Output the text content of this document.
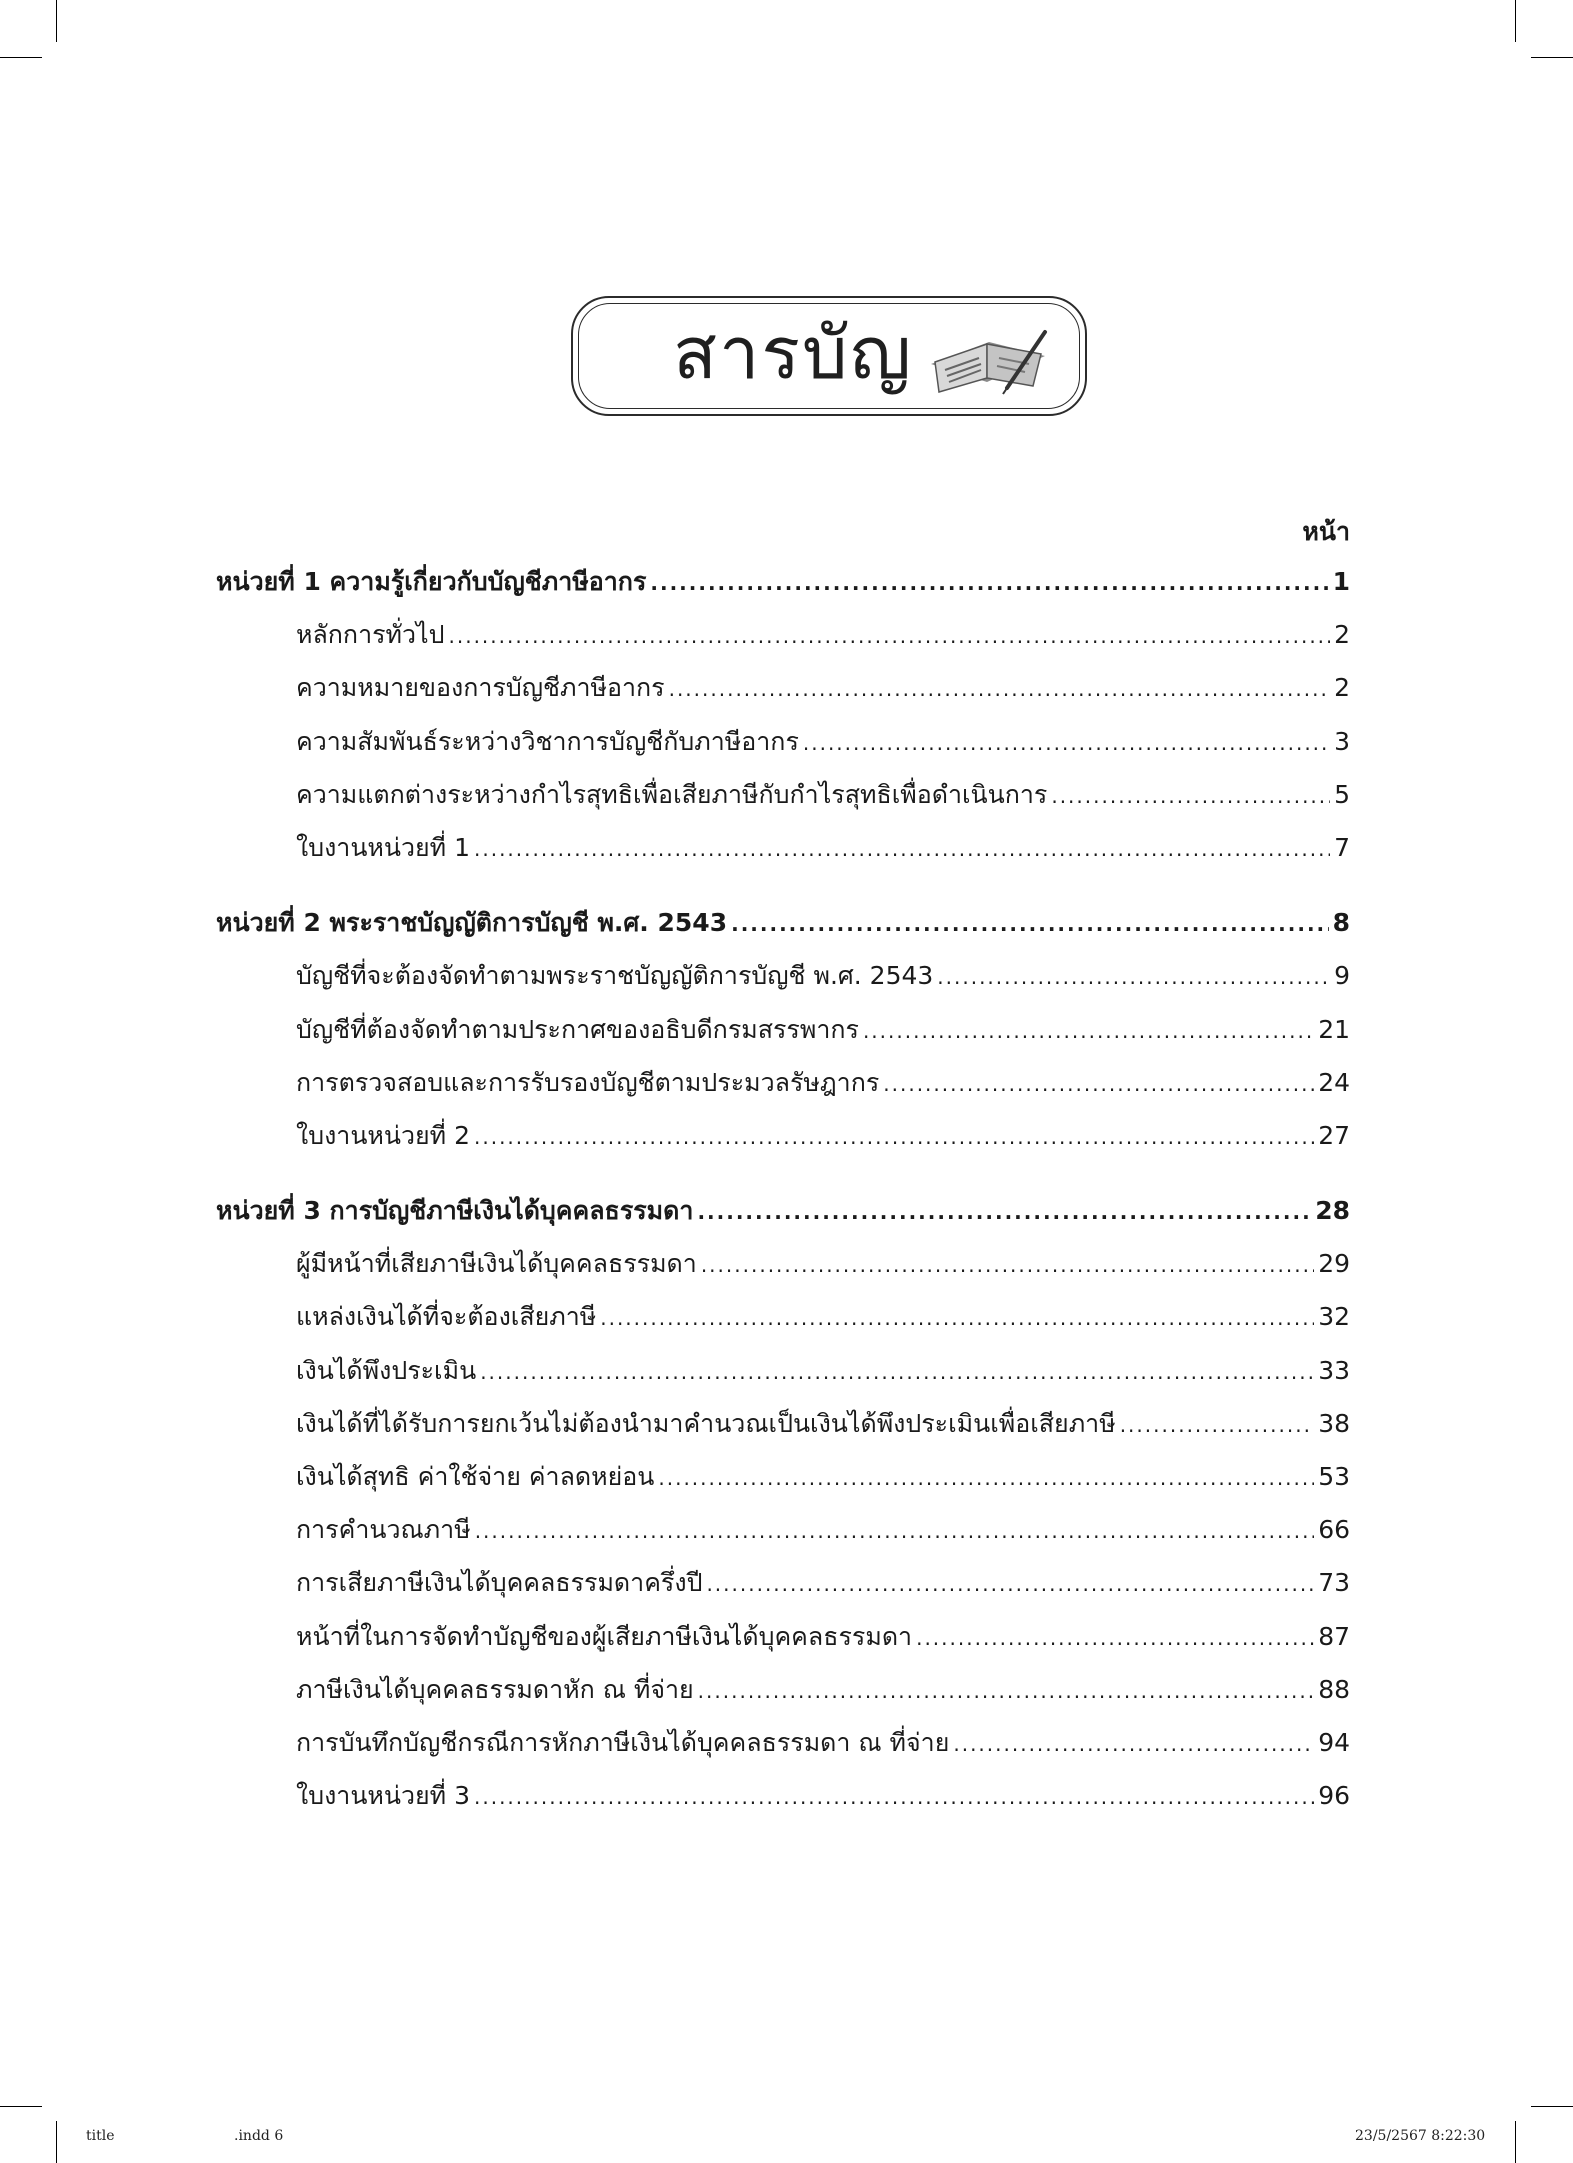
สารบัญ
หน้า
หน่วยที่ 1 ความรู้เกี่ยวกับบัญชีภาษีอากร .....	1
หลักการทั่วไป .....	2
ความหมายของการบัญชีภาษีอากร .....	2
ความสัมพันธ์ระหว่างวิชาการบัญชีกับภาษีอากร .....	3
ความแตกต่างระหว่างกำไรสุทธิเพื่อเสียภาษีกับกำไรสุทธิเพื่อดำเนินการ .....	5
ใบงานหน่วยที่ 1 .....	7
หน่วยที่ 2 พระราชบัญญัติการบัญชี พ.ศ. 2543 .....	8
บัญชีที่จะต้องจัดทำตามพระราชบัญญัติการบัญชี พ.ศ. 2543 .....	9
บัญชีที่ต้องจัดทำตามประกาศของอธิบดีกรมสรรพากร .....	21
การตรวจสอบและการรับรองบัญชีตามประมวลรัษฎากร .....	24
ใบงานหน่วยที่ 2 .....	27
หน่วยที่ 3 การบัญชีภาษีเงินได้บุคคลธรรมดา .....	28
ผู้มีหน้าที่เสียภาษีเงินได้บุคคลธรรมดา .....	29
แหล่งเงินได้ที่จะต้องเสียภาษี .....	32
เงินได้พึงประเมิน .....	33
เงินได้ที่ได้รับการยกเว้นไม่ต้องนำมาคำนวณเป็นเงินได้พึงประเมินเพื่อเสียภาษี .....	38
เงินได้สุทธิ ค่าใช้จ่าย ค่าลดหย่อน .....	53
การคำนวณภาษี .....	66
การเสียภาษีเงินได้บุคคลธรรมดาครึ่งปี .....	73
หน้าที่ในการจัดทำบัญชีของผู้เสียภาษีเงินได้บุคคลธรรมดา .....	87
ภาษีเงินได้บุคคลธรรมดาหัก ณ ที่จ่าย .....	88
การบันทึกบัญชีกรณีการหักภาษีเงินได้บุคคลธรรมดา ณ ที่จ่าย .....	94
ใบงานหน่วยที่ 3 .....	96
title	.indd 6	23/5/2567 8:22:30
